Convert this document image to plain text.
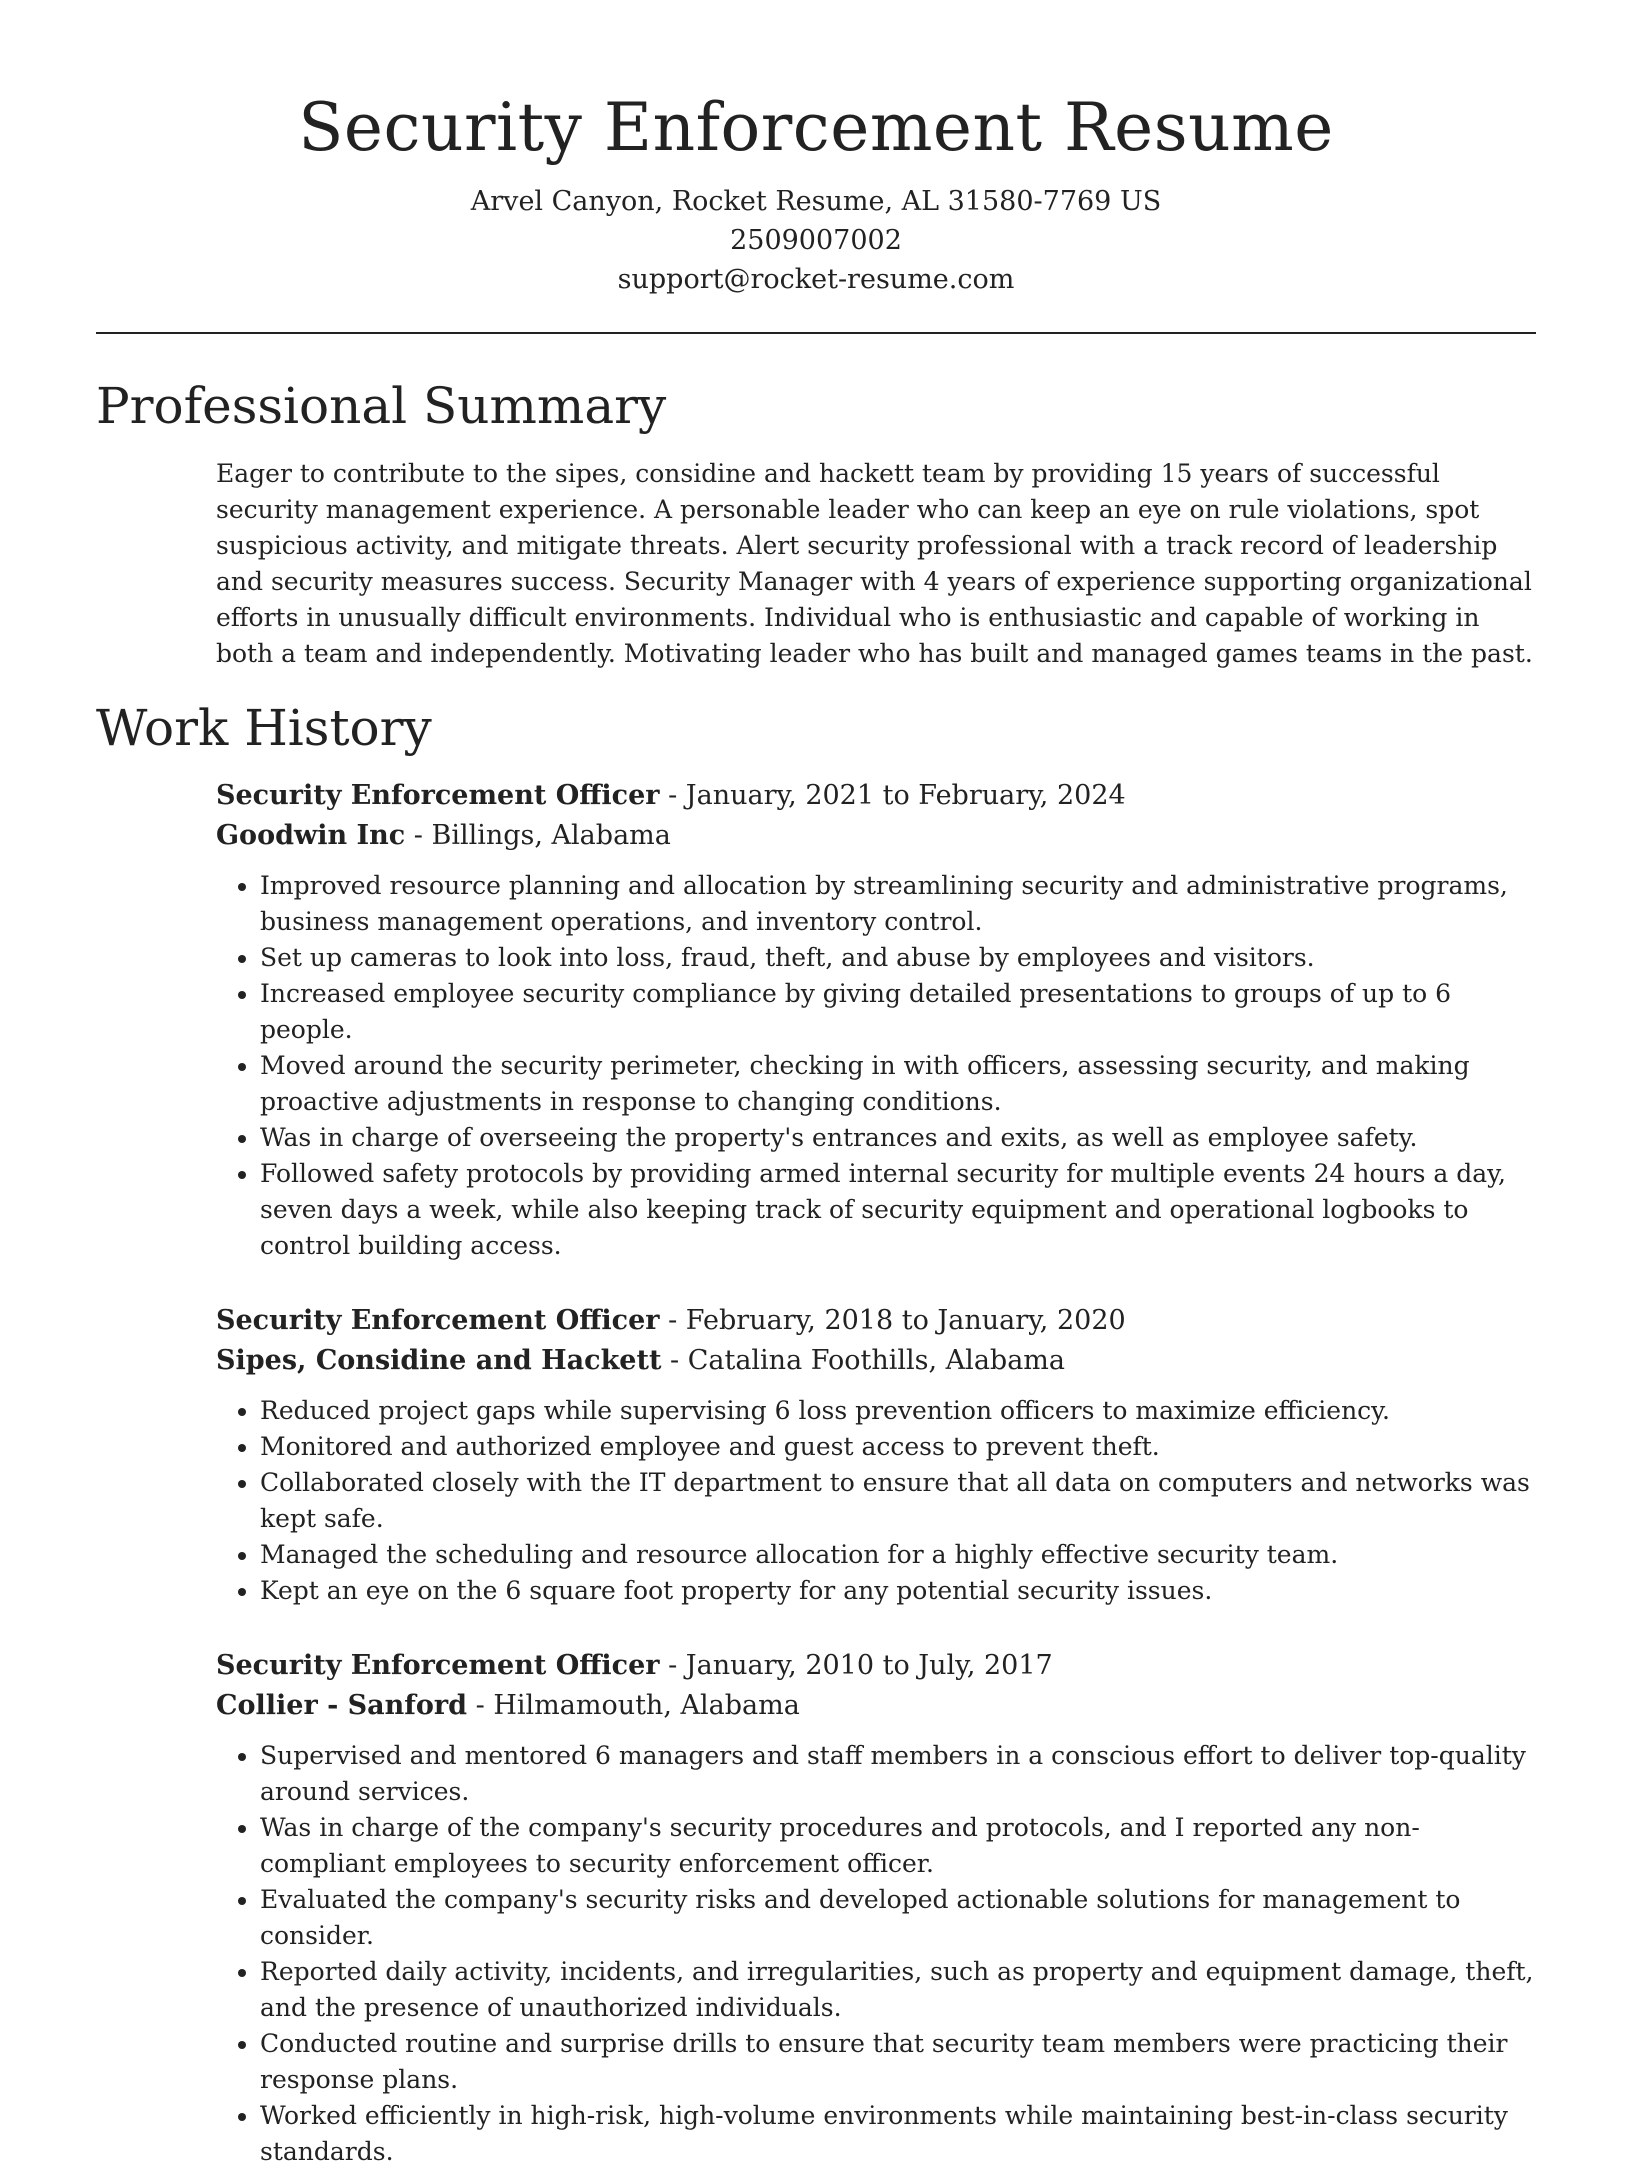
Security Enforcement Resume
Arvel Canyon, Rocket Resume, AL 31580-7769 US
2509007002
support@rocket-resume.com
Professional Summary
Eager to contribute to the sipes, considine and hackett team by providing 15 years of successful security management experience. A personable leader who can keep an eye on rule violations, spot suspicious activity, and mitigate threats. Alert security professional with a track record of leadership and security measures success. Security Manager with 4 years of experience supporting organizational efforts in unusually difficult environments. Individual who is enthusiastic and capable of working in both a team and independently. Motivating leader who has built and managed games teams in the past.
Work History
Security Enforcement Officer - January, 2021 to February, 2024
Goodwin Inc - Billings, Alabama
• Improved resource planning and allocation by streamlining security and administrative programs, business management operations, and inventory control.
• Set up cameras to look into loss, fraud, theft, and abuse by employees and visitors.
• Increased employee security compliance by giving detailed presentations to groups of up to 6 people.
• Moved around the security perimeter, checking in with officers, assessing security, and making proactive adjustments in response to changing conditions.
• Was in charge of overseeing the property's entrances and exits, as well as employee safety.
• Followed safety protocols by providing armed internal security for multiple events 24 hours a day, seven days a week, while also keeping track of security equipment and operational logbooks to control building access.
Security Enforcement Officer - February, 2018 to January, 2020
Sipes, Considine and Hackett - Catalina Foothills, Alabama
• Reduced project gaps while supervising 6 loss prevention officers to maximize efficiency.
• Monitored and authorized employee and guest access to prevent theft.
• Collaborated closely with the IT department to ensure that all data on computers and networks was kept safe.
• Managed the scheduling and resource allocation for a highly effective security team.
• Kept an eye on the 6 square foot property for any potential security issues.
Security Enforcement Officer - January, 2010 to July, 2017
Collier - Sanford - Hilmamouth, Alabama
• Supervised and mentored 6 managers and staff members in a conscious effort to deliver top-quality around services.
• Was in charge of the company's security procedures and protocols, and I reported any non-compliant employees to security enforcement officer.
• Evaluated the company's security risks and developed actionable solutions for management to consider.
• Reported daily activity, incidents, and irregularities, such as property and equipment damage, theft, and the presence of unauthorized individuals.
• Conducted routine and surprise drills to ensure that security team members were practicing their response plans.
• Worked efficiently in high-risk, high-volume environments while maintaining best-in-class security standards.
